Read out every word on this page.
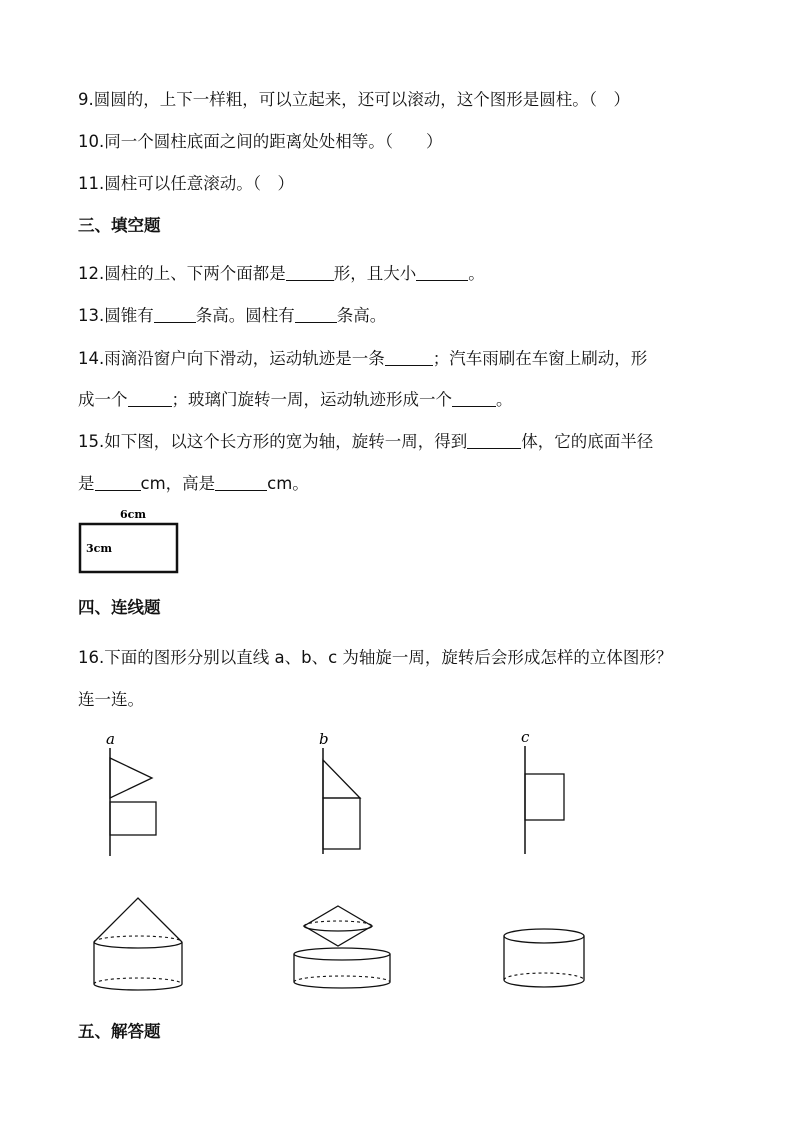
9.圆圆的，上下一样粗，可以立起来，还可以滚动，这个图形是圆柱。（　）
10.同一个圆柱底面之间的距离处处相等。（　　）
11.圆柱可以任意滚动。（　）
三、填空题
12.圆柱的上、下两个面都是	形，且大小	。
13.圆锥有	条高。圆柱有	条高。
14.雨滴沿窗户向下滑动，运动轨迹是一条	；汽车雨刷在车窗上刷动，形
成一个	；玻璃门旋转一周，运动轨迹形成一个	。
15.如下图，以这个长方形的宽为轴，旋转一周，得到	体，它的底面半径
是	cm，高是	cm。
6cm
3cm
四、连线题
16.下面的图形分别以直线 a、b、c 为轴旋一周，旋转后会形成怎样的立体图形？
连一连。
a	b	c
五、解答题
